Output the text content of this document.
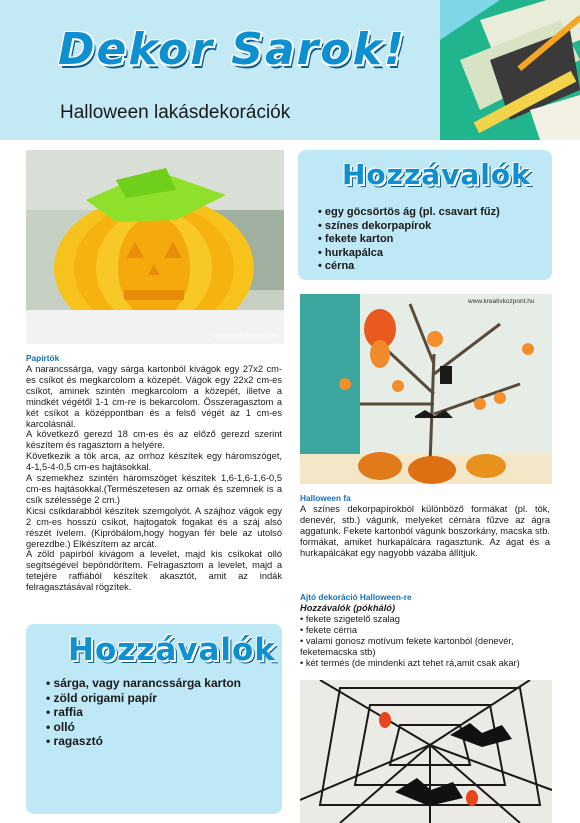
Dekor Sarok!
Halloween lakásdekorációk
www.kreativkozpont.hu
Hozzávalók
• egy göcsörtös ág (pl. csavart fűz)
• színes dekorpapírok
• fekete karton
• hurkapálca
• cérna
www.kreativkozpont.hu
Papírtök
A narancssárga, vagy sárga kartonból kivágok egy 27x2 cm-es csíkot és megkarcolom a közepét. Vágok egy 22x2 cm-es csíkot, aminek szintén megkarcolom a közepét, illetve a mindkét végétől 1-1 cm-re is bekarcolom. Összeragasztom a két csíkot a középpontban és a felső végét az 1 cm-es karcolásnál.
A következő gerezd 18 cm-es és az előző gerezd szerint készítem és ragasztom a helyére.
Következik a tök arca, az orrhoz készítek egy háromszöget, 4-1,5-4-0,5 cm-es hajtásokkal.
A szemekhez szintén háromszöget készítek 1,6-1,6-1,6-0,5 cm-es hajtásokkal.(Természetesen az ornak és szemnek is a csík szélessége 2 cm.)
Kicsi csíkdarabból készítek szemgolyót. A szájhoz vágok egy 2 cm-es hosszú csíkot, hajtogatok fogakat és a száj alsó részét ívelem. (Kipróbálom,hogy hogyan fér bele az utolsó gerezdbe.) Elkészítem az arcát.
A zöld papírból kivágom a levelet, majd kis csíkokat olló segítségével bepöndörítem. Felragasztom a levelet, majd a tetejére raffiából készítek akasztót, amit az indák felragasztásával rögzítek.
Halloween fa
A színes dekorpapírokból különböző formákat (pl. tök, denevér, stb.) vágunk, melyeket cérnára fűzve az ágra aggatunk. Fekete kartonból vágunk boszorkány, macska stb. formákat, amiket hurkapálcára ragasztunk. Az ágat és a hurkapálcákat egy nagyobb vázába állítjuk.
Ajtó dekoráció Halloween-re
Hozzávalók (pókháló)
• fekete szigetelő szalag
• fekete cérna
• valami gonosz motívum fekete kartonból (denevér, feketemacska stb)
• két termés (de mindenki azt tehet rá,amit csak akar)
Hozzávalók
• sárga, vagy narancssárga karton
• zöld origami papír
• raffia
• olló
• ragasztó
